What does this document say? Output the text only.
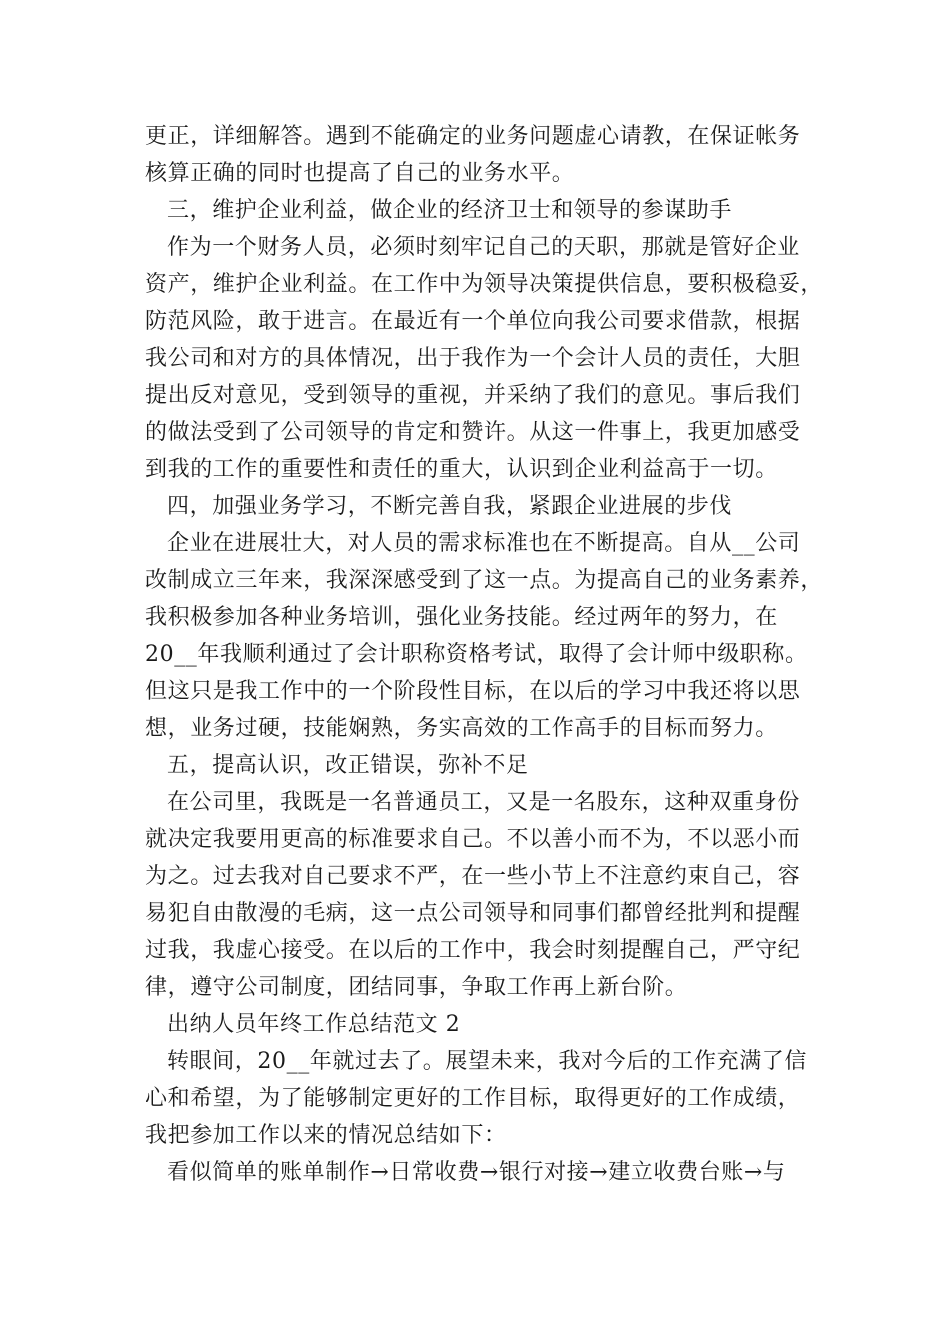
更正，详细解答。遇到不能确定的业务问题虚心请教，在保证帐务
核算正确的同时也提高了自己的业务水平。
三，维护企业利益，做企业的经济卫士和领导的参谋助手
作为一个财务人员，必须时刻牢记自己的天职，那就是管好企业
资产，维护企业利益。在工作中为领导决策提供信息，要积极稳妥，
防范风险，敢于进言。在最近有一个单位向我公司要求借款，根据
我公司和对方的具体情况，出于我作为一个会计人员的责任，大胆
提出反对意见，受到领导的重视，并采纳了我们的意见。事后我们
的做法受到了公司领导的肯定和赞许。从这一件事上，我更加感受
到我的工作的重要性和责任的重大，认识到企业利益高于一切。
四，加强业务学习，不断完善自我，紧跟企业进展的步伐
企业在进展壮大，对人员的需求标准也在不断提高。自从__公司
改制成立三年来，我深深感受到了这一点。为提高自己的业务素养，
我积极参加各种业务培训，强化业务技能。经过两年的努力，在
20__年我顺利通过了会计职称资格考试，取得了会计师中级职称。
但这只是我工作中的一个阶段性目标，在以后的学习中我还将以思
想，业务过硬，技能娴熟，务实高效的工作高手的目标而努力。
五，提高认识，改正错误，弥补不足
在公司里，我既是一名普通员工，又是一名股东，这种双重身份
就决定我要用更高的标准要求自己。不以善小而不为，不以恶小而
为之。过去我对自己要求不严，在一些小节上不注意约束自己，容
易犯自由散漫的毛病，这一点公司领导和同事们都曾经批判和提醒
过我，我虚心接受。在以后的工作中，我会时刻提醒自己，严守纪
律，遵守公司制度，团结同事，争取工作再上新台阶。
出纳人员年终工作总结范文 2
转眼间，20__年就过去了。展望未来，我对今后的工作充满了信
心和希望，为了能够制定更好的工作目标，取得更好的工作成绩，
我把参加工作以来的情况总结如下：
看似简单的账单制作→日常收费→银行对接→建立收费台账→与
